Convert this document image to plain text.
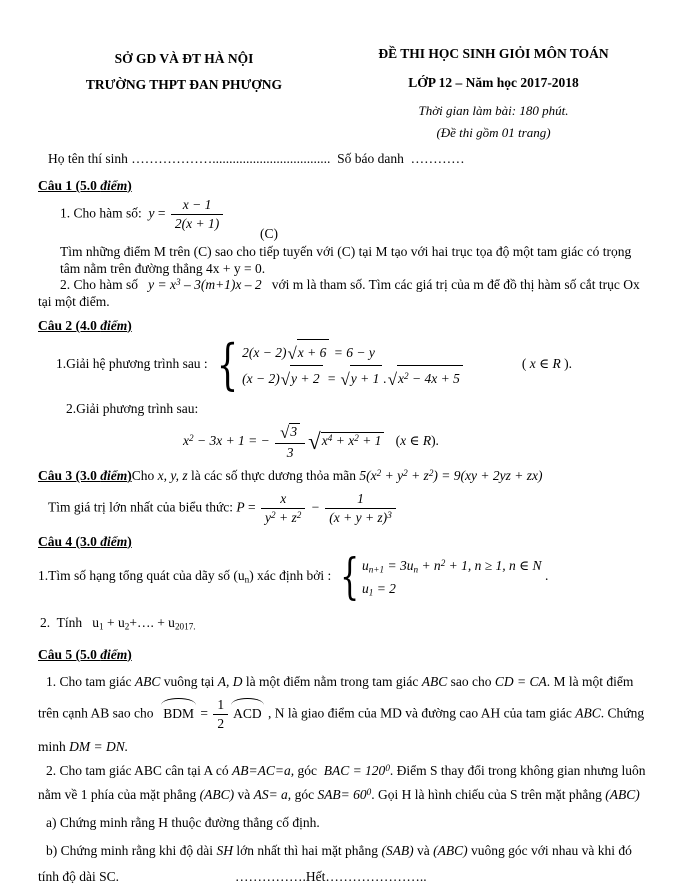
SỞ GD VÀ ĐT HÀ NỘI
TRƯỜNG THPT ĐAN PHƯỢNG
ĐỀ THI HỌC SINH GIỎI MÔN TOÁN
LỚP 12 – Năm học 2017-2018
Thời gian làm bài: 180 phút.
(Đề thi gồm 01 trang)
Họ tên thí sinh ………………...................................  Số báo danh  …………
Câu 1 (5.0 điểm)
1. Cho hàm số:  $y = \frac{x - 1}{2(x + 1)}$
(C)
Tìm những điểm M trên (C) sao cho tiếp tuyến với (C) tại M tạo với hai trục tọa độ một tam giác có trọng
tâm nằm trên đường thẳng 4x + y = 0.
2. Cho hàm số   $y = x^3 - 3(m+1)x - 2$   với m là tham số. Tìm các giá trị của m để đồ thị hàm số cắt trục Ox
tại một điểm.
Câu 2 (4.0 điểm)
1.Giải hệ phương trình sau : { 2(x − 2)√x + 6 = 6 − y
(x − 2)√y + 2 = √y + 1 $.√x^2 - 4x + 5$
( x ∈ R ).
2.Giải phương trình sau:
$x^2 - 3x + 1$ = − $\frac{√3}{3} √x^4 + x^2 + 1$   (x ∈ R).
Câu 3 (3.0 điểm)Cho x, y, z là các số thực dương thỏa mãn $5(x^2 + y^2 + z^2) = 9(xy + 2yz + zx)$
Tìm giá trị lớn nhất của biểu thức: $P = \frac{x}{y^2 + z^2} - \frac{1}{(x + y + z)^3}$
Câu 4 (3.0 điểm)
1.Tìm số hạng tổng quát của dãy số $(u_n)$ xác định bởi : { $u_{n+1} = 3u_n + n^2 + 1$, n ≥ 1, n ∈ N
$u_1 = 2$
.
2.  Tính   $u_1$ + $u_2+\dots$. + $u_{2017.}$
Câu 5 (5.0 điểm)
1. Cho tam giác ABC vuông tại A, D là một điểm nằm trong tam giác ABC sao cho CD = CA. M là một điểm
trên cạnh AB sao cho  BDM = $\frac{1}{2}$ ACD , N là giao điểm của MD và đường cao AH của tam giác ABC. Chứng
minh DM = DN.
2. Cho tam giác ABC cân tại A có AB=AC=a, góc  BAC = $120^0$. Điểm S thay đổi trong không gian nhưng luôn
nằm về 1 phía của mặt phẳng (ABC) và AS= a, góc $SAB= 60^0$. Gọi H là hình chiếu của S trên mặt phẳng (ABC)
a) Chứng minh rằng H thuộc đường thẳng cố định.
b) Chứng minh rằng khi độ dài SH lớn nhất thì hai mặt phẳng (SAB) và (ABC) vuông góc với nhau và khi đó
tính độ dài SC.	…………….Hết…………………..
